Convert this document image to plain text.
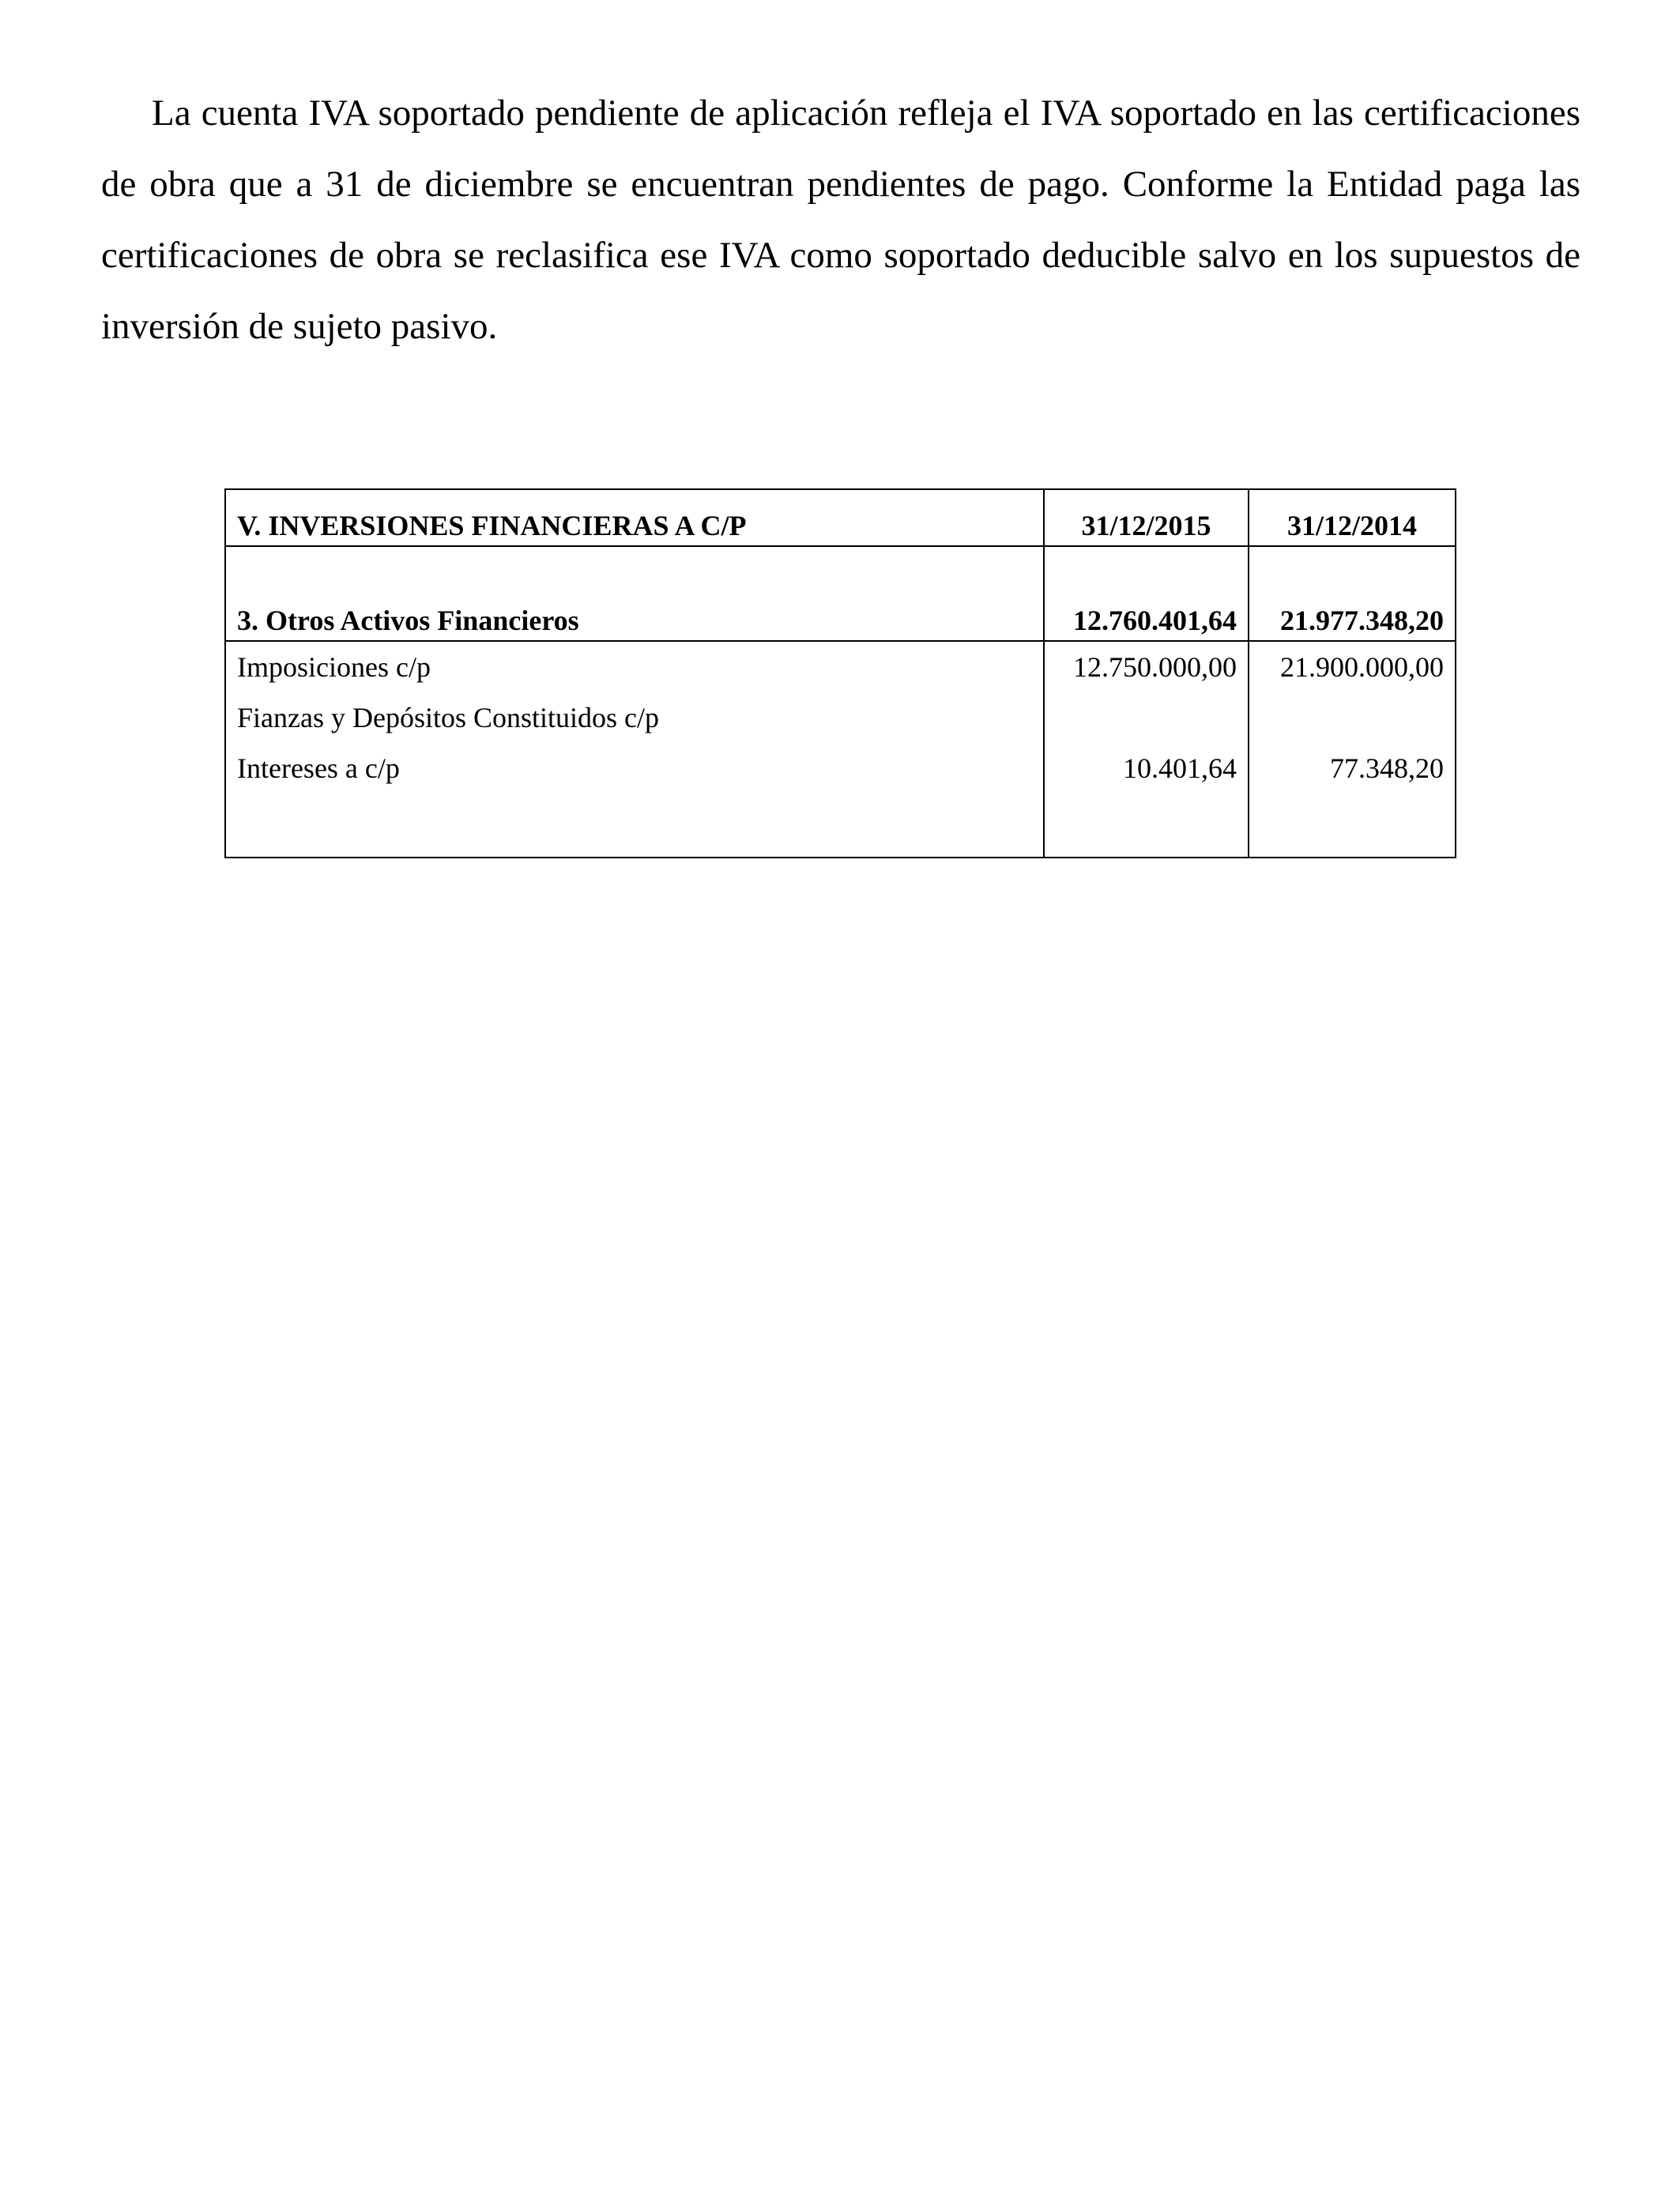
La cuenta IVA soportado pendiente de aplicación refleja el IVA soportado en las certificaciones de obra que a 31 de diciembre se encuentran pendientes de pago. Conforme la Entidad paga las certificaciones de obra se reclasifica ese IVA como soportado deducible salvo en los supuestos de inversión de sujeto pasivo.

V. INVERSIONES FINANCIERAS A C/P	31/12/2015	31/12/2014
3. Otros Activos Financieros	12.760.401,64	21.977.348,20
Imposiciones c/p	12.750.000,00	21.900.000,00
Fianzas y Depósitos Constituidos c/p		
Intereses a c/p	10.401,64	77.348,20
